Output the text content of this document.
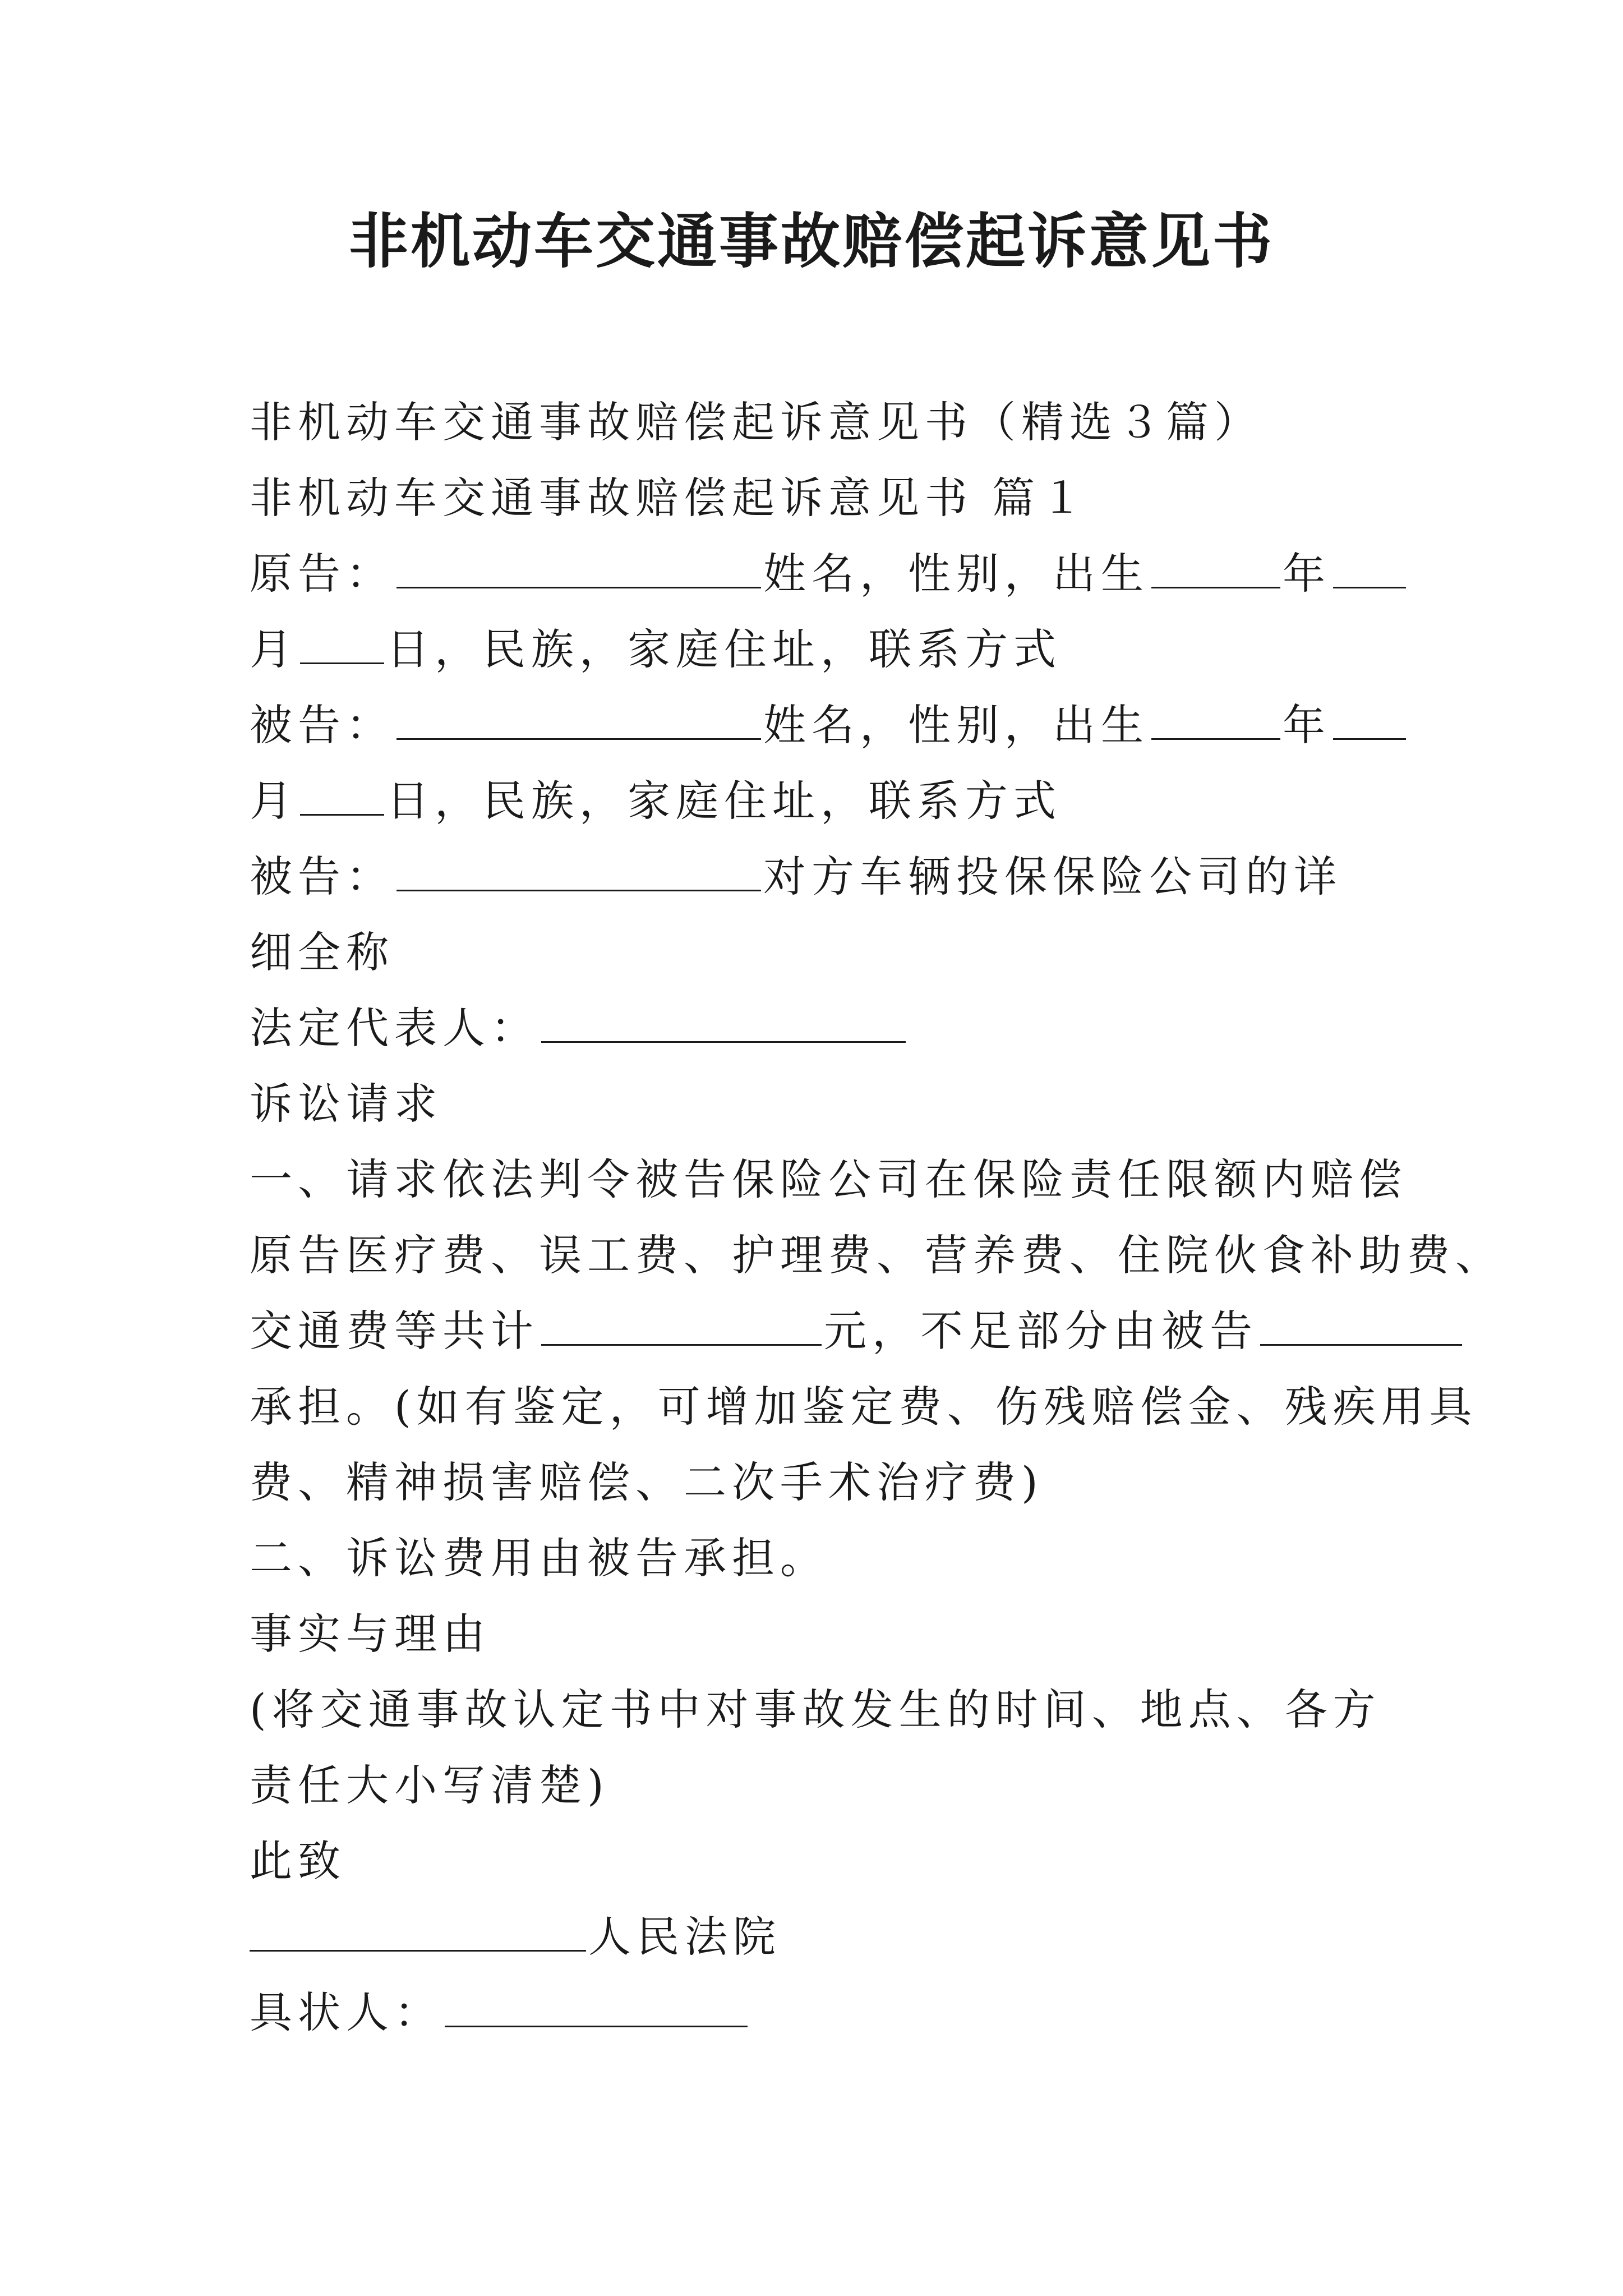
非机动车交通事故赔偿起诉意见书
非机动车交通事故赔偿起诉意见书（精选３篇）
非机动车交通事故赔偿起诉意见书 篇１
原告：	姓名，性别，出生	年
月 日，民族，家庭住址，联系方式
被告：	姓名，性别，出生	年
月 日，民族，家庭住址，联系方式
被告：	对方车辆投保保险公司的详
细全称
法定代表人：
诉讼请求
一、请求依法判令被告保险公司在保险责任限额内赔偿
原告医疗费、误工费、护理费、营养费、住院伙食补助费、
交通费等共计	元，不足部分由被告
承担。(如有鉴定，可增加鉴定费、伤残赔偿金、残疾用具
费、精神损害赔偿、二次手术治疗费)
二、诉讼费用由被告承担。
事实与理由
(将交通事故认定书中对事故发生的时间、地点、各方
责任大小写清楚)
此致
人民法院
具状人：
